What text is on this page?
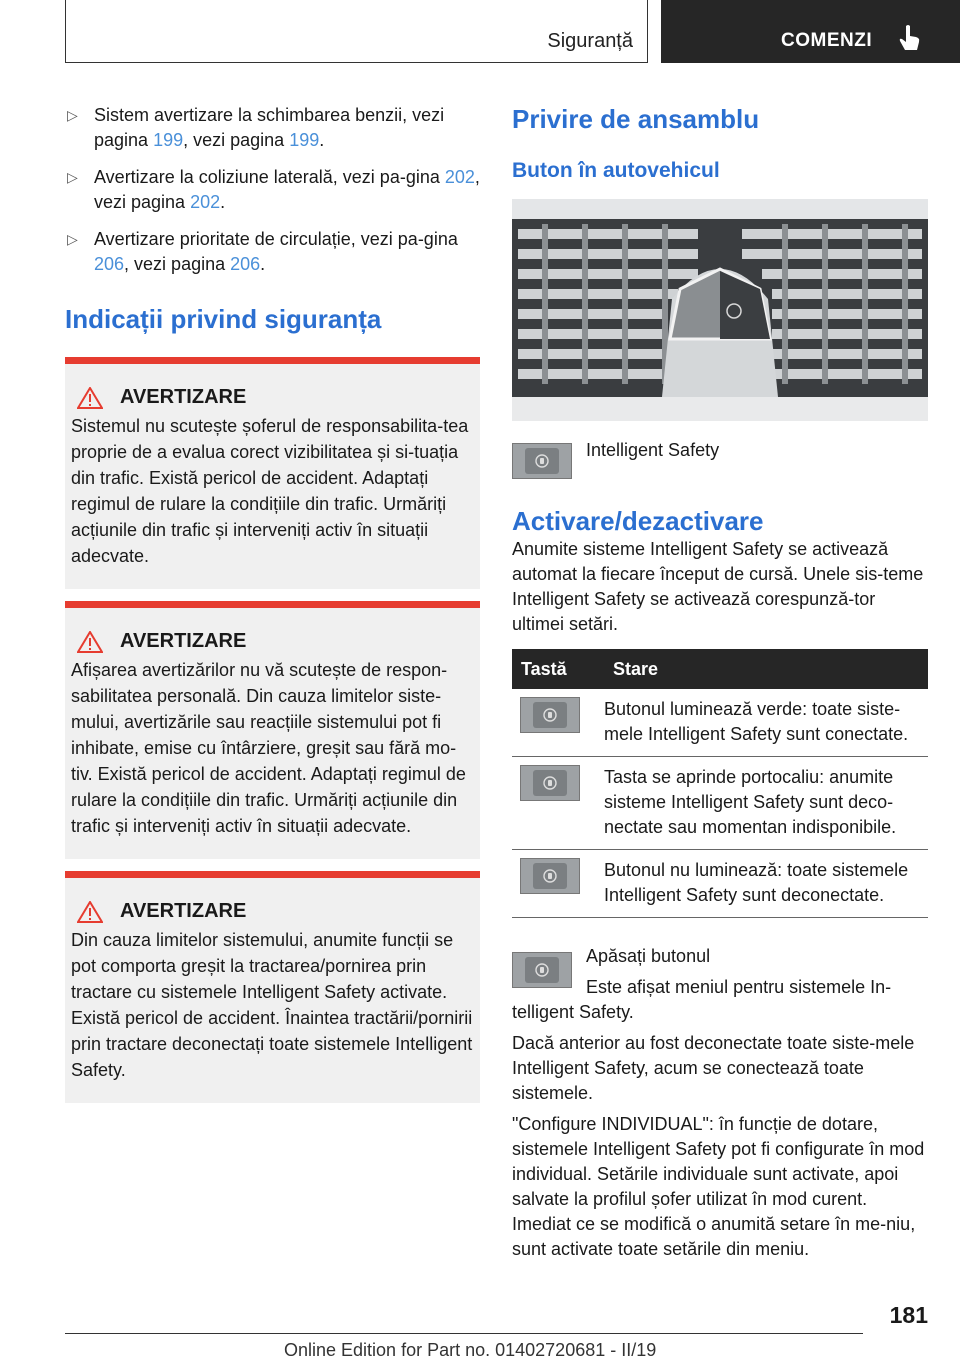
Siguranță	COMENZI
▷ Sistem avertizare la schimbarea benzii, vezi pagina 199, vezi pagina 199.
▷ Avertizare la coliziune laterală, vezi pa‐gina 202, vezi pagina 202.
▷ Avertizare prioritate de circulație, vezi pa‐gina 206, vezi pagina 206.
Indicații privind siguranța
AVERTIZARE
Sistemul nu scutește șoferul de responsabilita‐tea proprie de a evalua corect vizibilitatea și si‐tuația din trafic. Există pericol de accident. Adaptați regimul de rulare la condițiile din trafic. Urmăriți acțiunile din trafic și interveniți activ în situații adecvate.
AVERTIZARE
Afișarea avertizărilor nu vă scutește de respon‐sabilitatea personală. Din cauza limitelor siste‐mului, avertizările sau reacțiile sistemului pot fi inhibate, emise cu întârziere, greșit sau fără mo‐tiv. Există pericol de accident. Adaptați regimul de rulare la condițiile din trafic. Urmăriți acțiunile din trafic și interveniți activ în situații adecvate.
AVERTIZARE
Din cauza limitelor sistemului, anumite funcții se pot comporta greșit la tractarea/pornirea prin tractare cu sistemele Intelligent Safety activate. Există pericol de accident. Înaintea tractării/pornirii prin tractare deconectați toate sistemele Intelligent Safety.
Privire de ansamblu
Buton în autovehicul
Intelligent Safety
Activare/dezactivare
Anumite sisteme Intelligent Safety se activează automat la fiecare început de cursă. Unele sis‐teme Intelligent Safety se activează corespunză‐tor ultimei setări.
Tastă	Stare

	Butonul luminează verde: toate siste‐mele Intelligent Safety sunt conectate.

	Tasta se aprinde portocaliu: anumite sisteme Intelligent Safety sunt deco‐nectate sau momentan indisponibile.

	Butonul nu luminează: toate sistemele Intelligent Safety sunt deconectate.
Apăsați butonul
Este afișat meniul pentru sistemele In‐telligent Safety.
Dacă anterior au fost deconectate toate siste‐mele Intelligent Safety, acum se conectează toate sistemele.
"Configure INDIVIDUAL": în funcție de dotare, sistemele Intelligent Safety pot fi configurate în mod individual. Setările individuale sunt activate, apoi salvate la profilul șofer utilizat în mod curent. Imediat ce se modifică o anumită setare în me‐niu, sunt activate toate setările din meniu.
181
Online Edition for Part no. 01402720681 - II/19
